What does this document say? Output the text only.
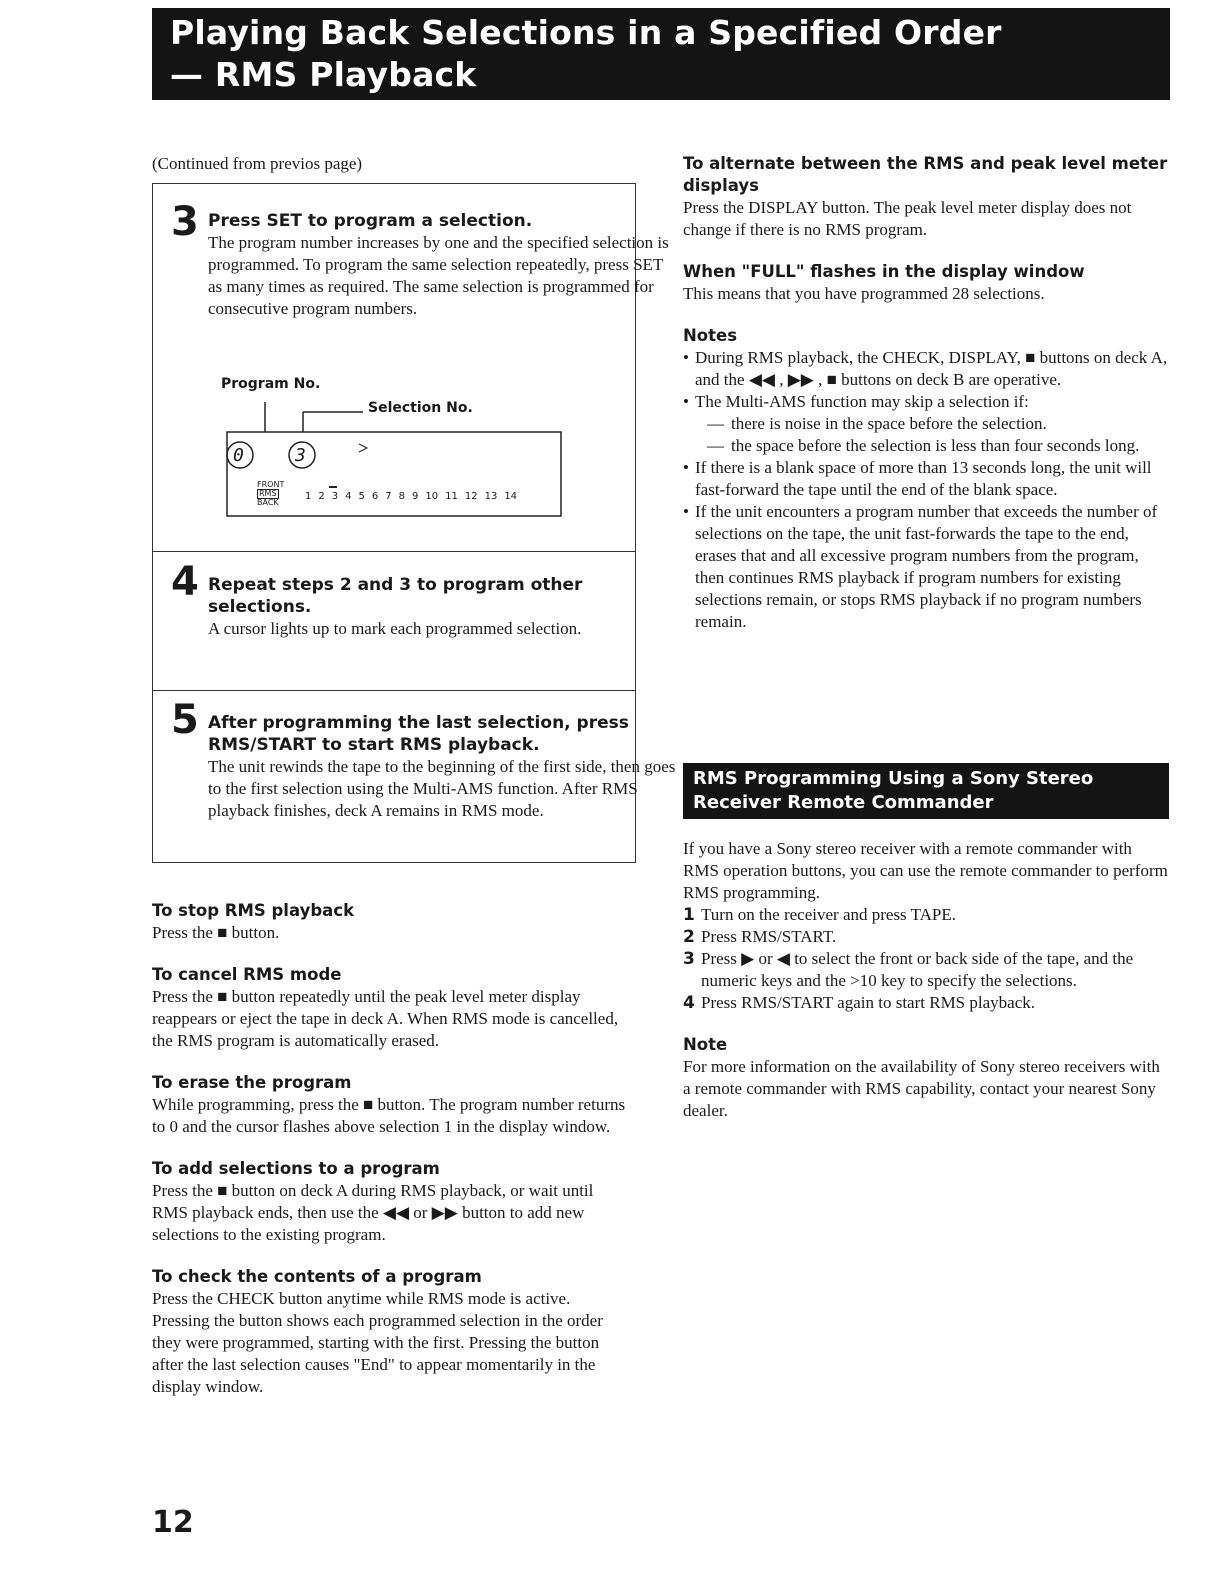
Playing Back Selections in a Specified Order
— RMS Playback
(Continued from previos page)
3 Press SET to program a selection.

The program number increases by one and the specified selection is programmed. To program the same selection repeatedly, press SET as many times as required. The same selection is programmed for consecutive program numbers.

Program No.
Selection No.
0	3
FRONT
RMS
BACK
1 2 3 4 5 6 7 8 9 10 11 12 13 14
4 Repeat steps 2 and 3 to program other selections.

A cursor lights up to mark each programmed selection.

5 After programming the last selection, press RMS/START to start RMS playback.

The unit rewinds the tape to the beginning of the first side, then goes to the first selection using the Multi-AMS function. After RMS playback finishes, deck A remains in RMS mode.

To stop RMS playback

Press the ■ button.

To cancel RMS mode

Press the ■ button repeatedly until the peak level meter display reappears or eject the tape in deck A. When RMS mode is cancelled, the RMS program is automatically erased.

To erase the program

While programming, press the ■ button. The program number returns to 0 and the cursor flashes above selection 1 in the display window.

To add selections to a program

Press the ■ button on deck A during RMS playback, or wait until RMS playback ends, then use the ◀◀ or ▶▶ button to add new selections to the existing program.

To check the contents of a program

Press the CHECK button anytime while RMS mode is active. Pressing the button shows each programmed selection in the order they were programmed, starting with the first. Pressing the button after the last selection causes "End" to appear momentarily in the display window.

To alternate between the RMS and peak level meter displays

Press the DISPLAY button. The peak level meter display does not change if there is no RMS program.

When "FULL" flashes in the display window

This means that you have programmed 28 selections.

Notes

• During RMS playback, the CHECK, DISPLAY, ■ buttons on deck A, and the ◀◀ , ▶▶ , ■ buttons on deck B are operative.
• The Multi-AMS function may skip a selection if:
— there is noise in the space before the selection.
— the space before the selection is less than four seconds long.
• If there is a blank space of more than 13 seconds long, the unit will fast-forward the tape until the end of the blank space.
• If the unit encounters a program number that exceeds the number of selections on the tape, the unit fast-forwards the tape to the end, erases that and all excessive program numbers from the program, then continues RMS playback if program numbers for existing selections remain, or stops RMS playback if no program numbers remain.
RMS Programming Using a Sony Stereo
Receiver Remote Commander

If you have a Sony stereo receiver with a remote commander with RMS operation buttons, you can use the remote commander to perform RMS programming.

1 Turn on the receiver and press TAPE.
2 Press RMS/START.
3 Press ▶ or ◀ to select the front or back side of the tape, and the numeric keys and the >10 key to specify the selections.
4 Press RMS/START again to start RMS playback.

Note

For more information on the availability of Sony stereo receivers with a remote commander with RMS capability, contact your nearest Sony dealer.

12
